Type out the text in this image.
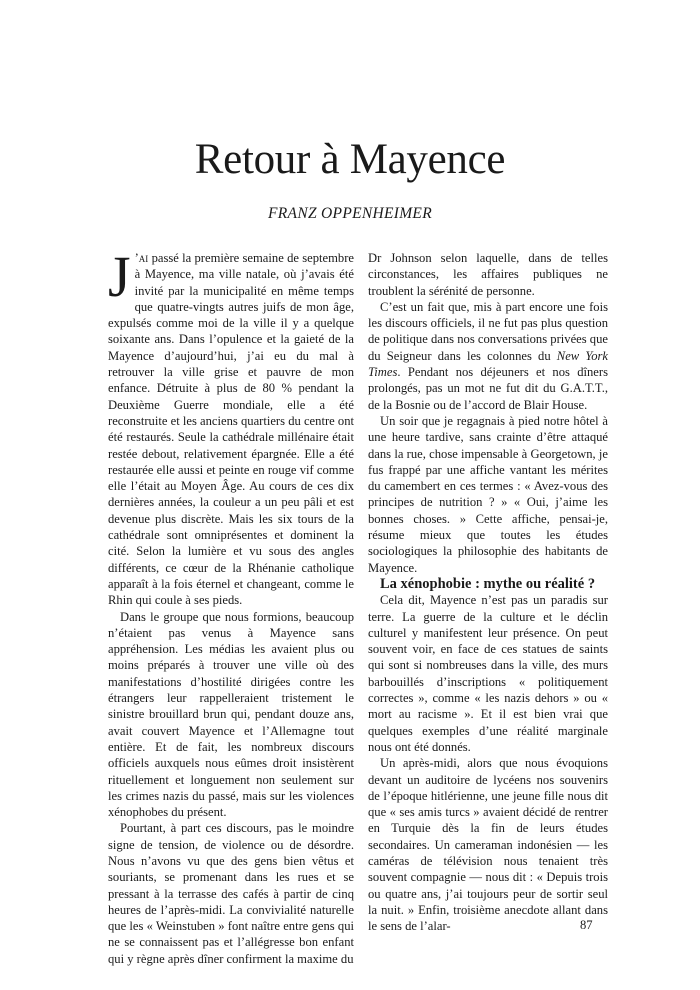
Retour à Mayence
FRANZ OPPENHEIMER

J ’ai passé la première semaine de septembre à Mayence, ma ville natale, où j’avais été invité par la municipalité en même temps que quatre-vingts autres juifs de mon âge, expulsés comme moi de la ville il y a quelque soixante ans. Dans l’opulence et la gaieté de la Mayence d’aujourd’hui, j’ai eu du mal à retrouver la ville grise et pauvre de mon enfance. Détruite à plus de 80 % pendant la Deuxième Guerre mondiale, elle a été reconstruite et les anciens quartiers du centre ont été restaurés. Seule la cathédrale millénaire était restée debout, relativement épargnée. Elle a été restaurée elle aussi et peinte en rouge vif comme elle l’était au Moyen Âge. Au cours de ces dix dernières années, la couleur a un peu pâli et est devenue plus discrète. Mais les six tours de la cathédrale sont omniprésentes et dominent la cité. Selon la lumière et vu sous des angles différents, ce cœur de la Rhénanie catholique apparaît à la fois éternel et changeant, comme le Rhin qui coule à ses pieds.

Dans le groupe que nous formions, beaucoup n’étaient pas venus à Mayence sans appréhension. Les médias les avaient plus ou moins préparés à trouver une ville où des manifestations d’hostilité dirigées contre les étrangers leur rappelleraient tristement le sinistre brouillard brun qui, pendant douze ans, avait couvert Mayence et l’Allemagne tout entière. Et de fait, les nombreux discours officiels auxquels nous eûmes droit insistèrent rituellement et longuement non seulement sur les crimes nazis du passé, mais sur les violences xénophobes du présent.

Pourtant, à part ces discours, pas le moindre signe de tension, de violence ou de désordre. Nous n’avons vu que des gens bien vêtus et souriants, se promenant dans les rues et se pressant à la terrasse des cafés à partir de cinq heures de l’après-midi. La convivialité naturelle que les « Weinstuben » font naître entre gens qui ne se connaissent pas et l’allégresse bon enfant qui y règne après dîner confirment la maxime du

Dr Johnson selon laquelle, dans de telles circonstances, les affaires publiques ne troublent la sérénité de personne.

C’est un fait que, mis à part encore une fois les discours officiels, il ne fut pas plus question de politique dans nos conversations privées que du Seigneur dans les colonnes du New York Times. Pendant nos déjeuners et nos dîners prolongés, pas un mot ne fut dit du G.A.T.T., de la Bosnie ou de l’accord de Blair House.

Un soir que je regagnais à pied notre hôtel à une heure tardive, sans crainte d’être attaqué dans la rue, chose impensable à Georgetown, je fus frappé par une affiche vantant les mérites du camembert en ces termes : « Avez-vous des principes de nutrition ? » « Oui, j’aime les bonnes choses. » Cette affiche, pensai-je, résume mieux que toutes les études sociologiques la philosophie des habitants de Mayence.

La xénophobie : mythe ou réalité ?

Cela dit, Mayence n’est pas un paradis sur terre. La guerre de la culture et le déclin culturel y manifestent leur présence. On peut souvent voir, en face de ces statues de saints qui sont si nombreuses dans la ville, des murs barbouillés d’inscriptions « politiquement correctes », comme « les nazis dehors » ou « mort au racisme ». Et il est bien vrai que quelques exemples d’une réalité marginale nous ont été donnés.

Un après-midi, alors que nous évoquions devant un auditoire de lycéens nos souvenirs de l’époque hitlérienne, une jeune fille nous dit que « ses amis turcs » avaient décidé de rentrer en Turquie dès la fin de leurs études secondaires. Un cameraman indonésien — les caméras de télévision nous tenaient très souvent compagnie — nous dit : « Depuis trois ou quatre ans, j’ai toujours peur de sortir seul la nuit. » Enfin, troisième anecdote allant dans le sens de l’alar-	87
